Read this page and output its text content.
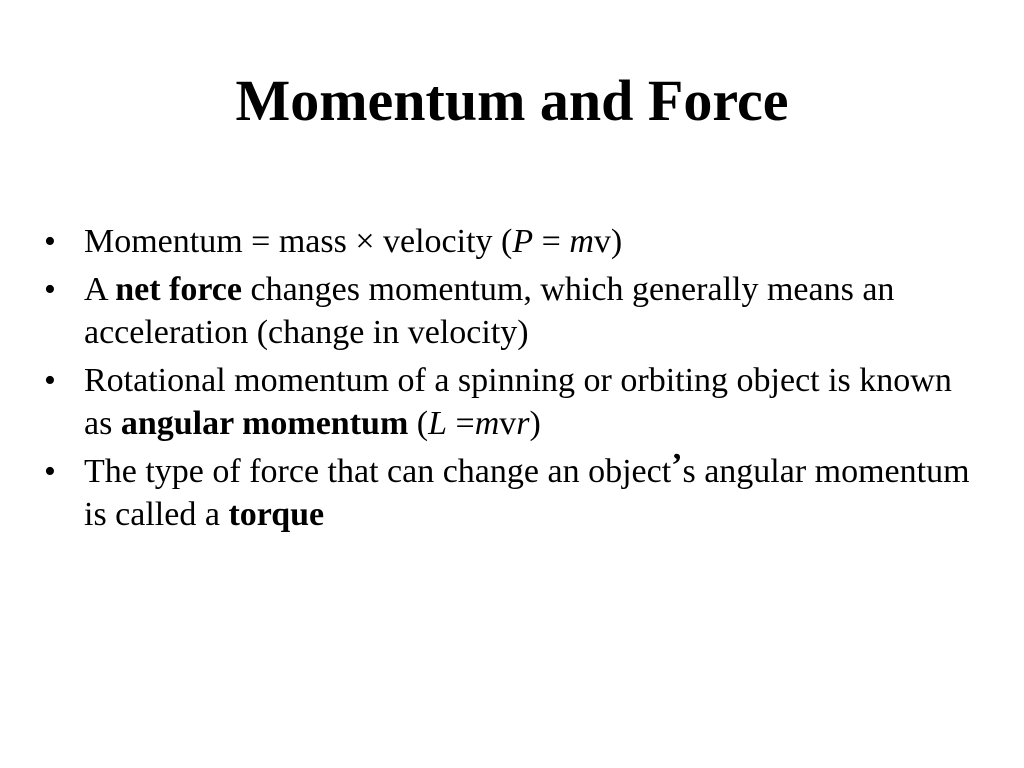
Momentum and Force
• Momentum = mass × velocity (P = mv)
• A net force changes momentum, which generally means an acceleration (change in velocity)
• Rotational momentum of a spinning or orbiting object is known as angular momentum (L =mvr)
• The type of force that can change an object’s angular momentum is called a torque
